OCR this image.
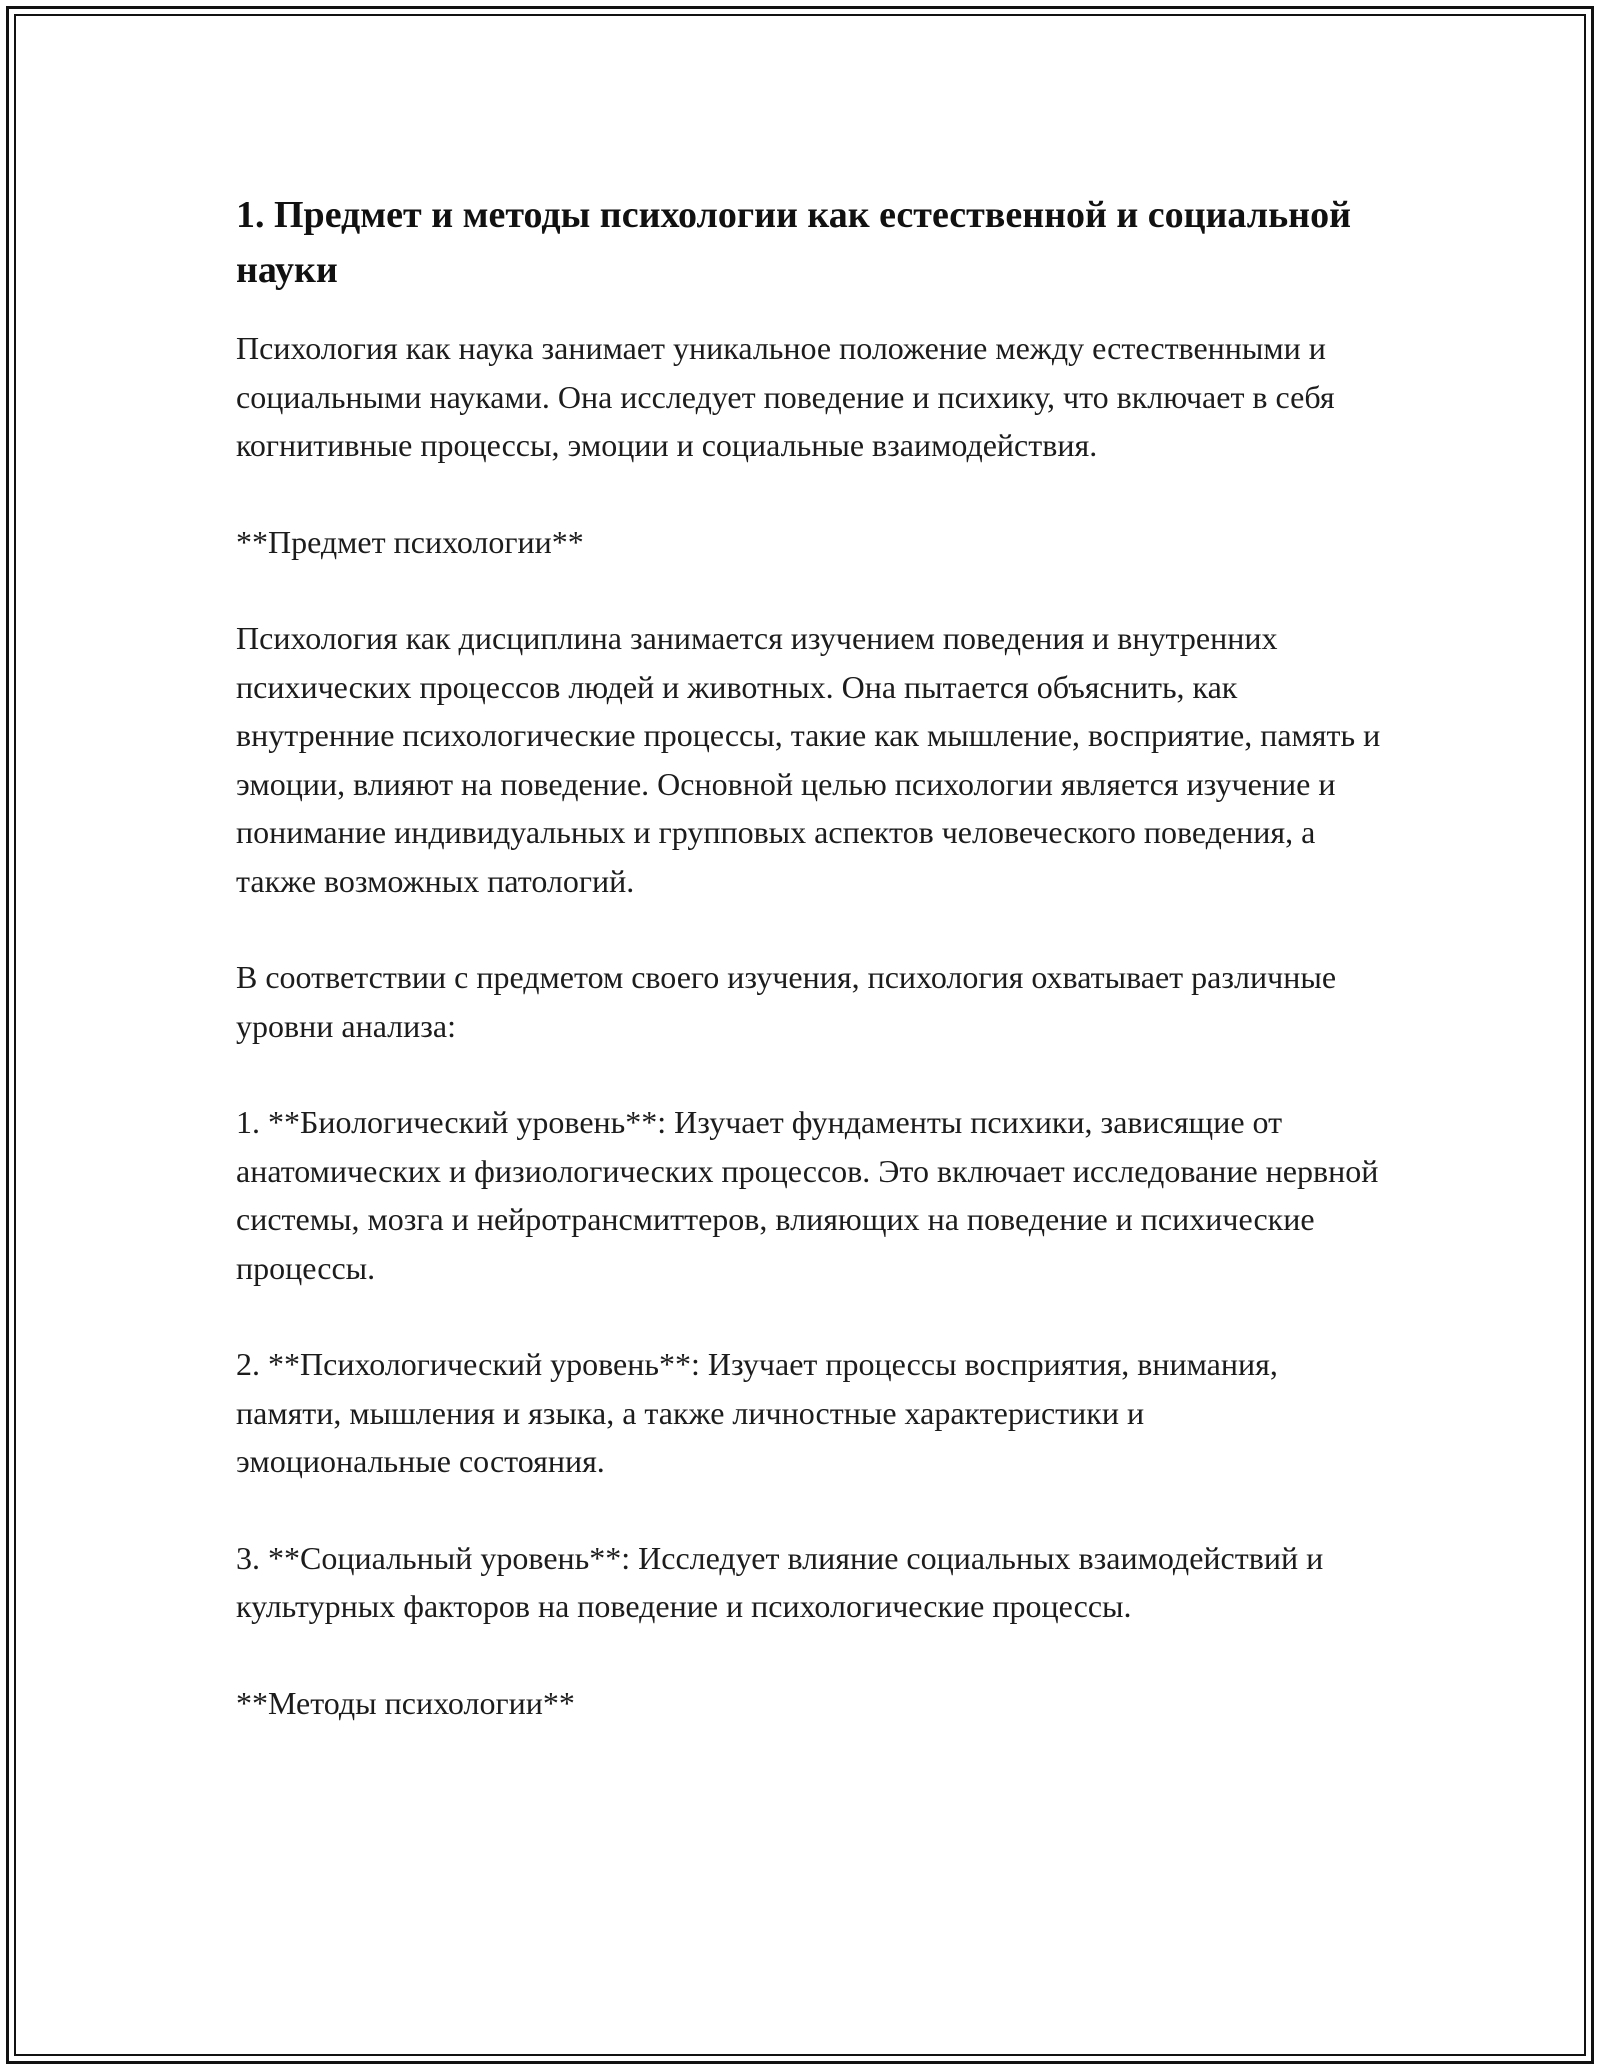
1. Предмет и методы психологии как естественной и социальной науки

Психология как наука занимает уникальное положение между естественными и социальными науками. Она исследует поведение и психику, что включает в себя когнитивные процессы, эмоции и социальные взаимодействия.

**Предмет психологии**

Психология как дисциплина занимается изучением поведения и внутренних психических процессов людей и животных. Она пытается объяснить, как внутренние психологические процессы, такие как мышление, восприятие, память и эмоции, влияют на поведение. Основной целью психологии является изучение и понимание индивидуальных и групповых аспектов человеческого поведения, а также возможных патологий.

В соответствии с предметом своего изучения, психология охватывает различные уровни анализа:

1. **Биологический уровень**: Изучает фундаменты психики, зависящие от анатомических и физиологических процессов. Это включает исследование нервной системы, мозга и нейротрансмиттеров, влияющих на поведение и психические процессы.

2. **Психологический уровень**: Изучает процессы восприятия, внимания, памяти, мышления и языка, а также личностные характеристики и эмоциональные состояния.

3. **Социальный уровень**: Исследует влияние социальных взаимодействий и культурных факторов на поведение и психологические процессы.

**Методы психологии**
